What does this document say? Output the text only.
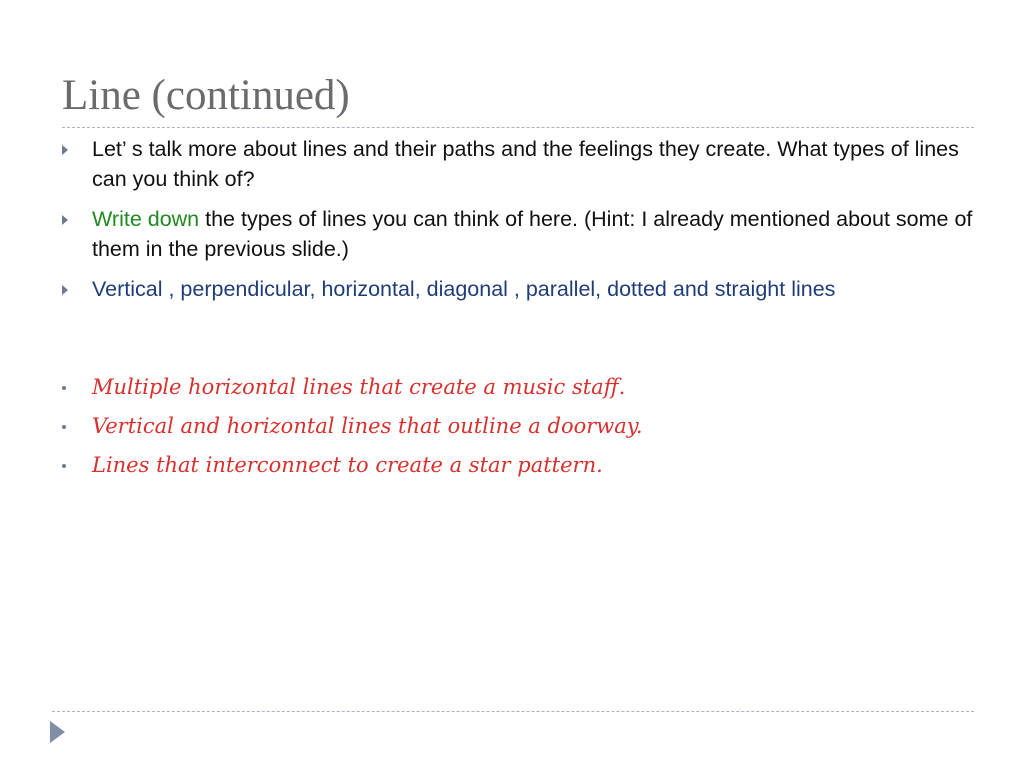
Line (continued)
Let’ s talk more about lines and their paths and the feelings they create. What types of lines can you think of?
Write down the types of lines you can think of here. (Hint: I already mentioned about some of them in the previous slide.)
Vertical , perpendicular, horizontal, diagonal , parallel, dotted and straight lines
Multiple horizontal lines that create a music staff.
Vertical and horizontal lines that outline a doorway.
Lines that interconnect to create a star pattern.
